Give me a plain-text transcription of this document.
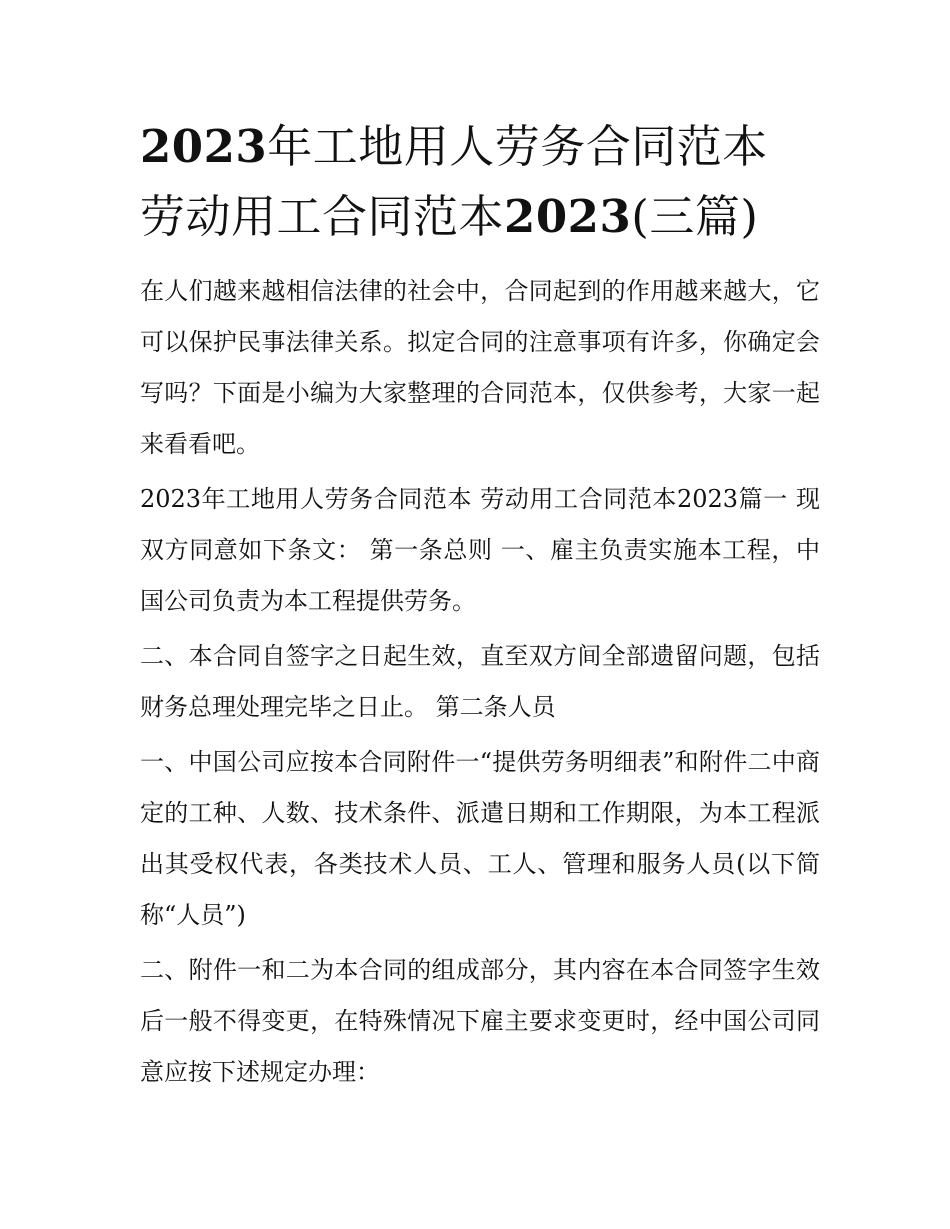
2023年工地用人劳务合同范本
劳动用工合同范本2023(三篇)

在人们越来越相信法律的社会中，合同起到的作用越来越大，它可以保护民事法律关系。拟定合同的注意事项有许多，你确定会写吗？下面是小编为大家整理的合同范本，仅供参考，大家一起来看看吧。

2023年工地用人劳务合同范本 劳动用工合同范本2023篇一 现双方同意如下条文： 第一条总则 一、雇主负责实施本工程，中国公司负责为本工程提供劳务。

二、本合同自签字之日起生效，直至双方间全部遗留问题，包括财务总理处理完毕之日止。 第二条人员

一、中国公司应按本合同附件一“提供劳务明细表”和附件二中商定的工种、人数、技术条件、派遣日期和工作期限，为本工程派出其受权代表，各类技术人员、工人、管理和服务人员(以下简称“人员”)

二、附件一和二为本合同的组成部分，其内容在本合同签字生效后一般不得变更，在特殊情况下雇主要求变更时，经中国公司同意应按下述规定办理：
